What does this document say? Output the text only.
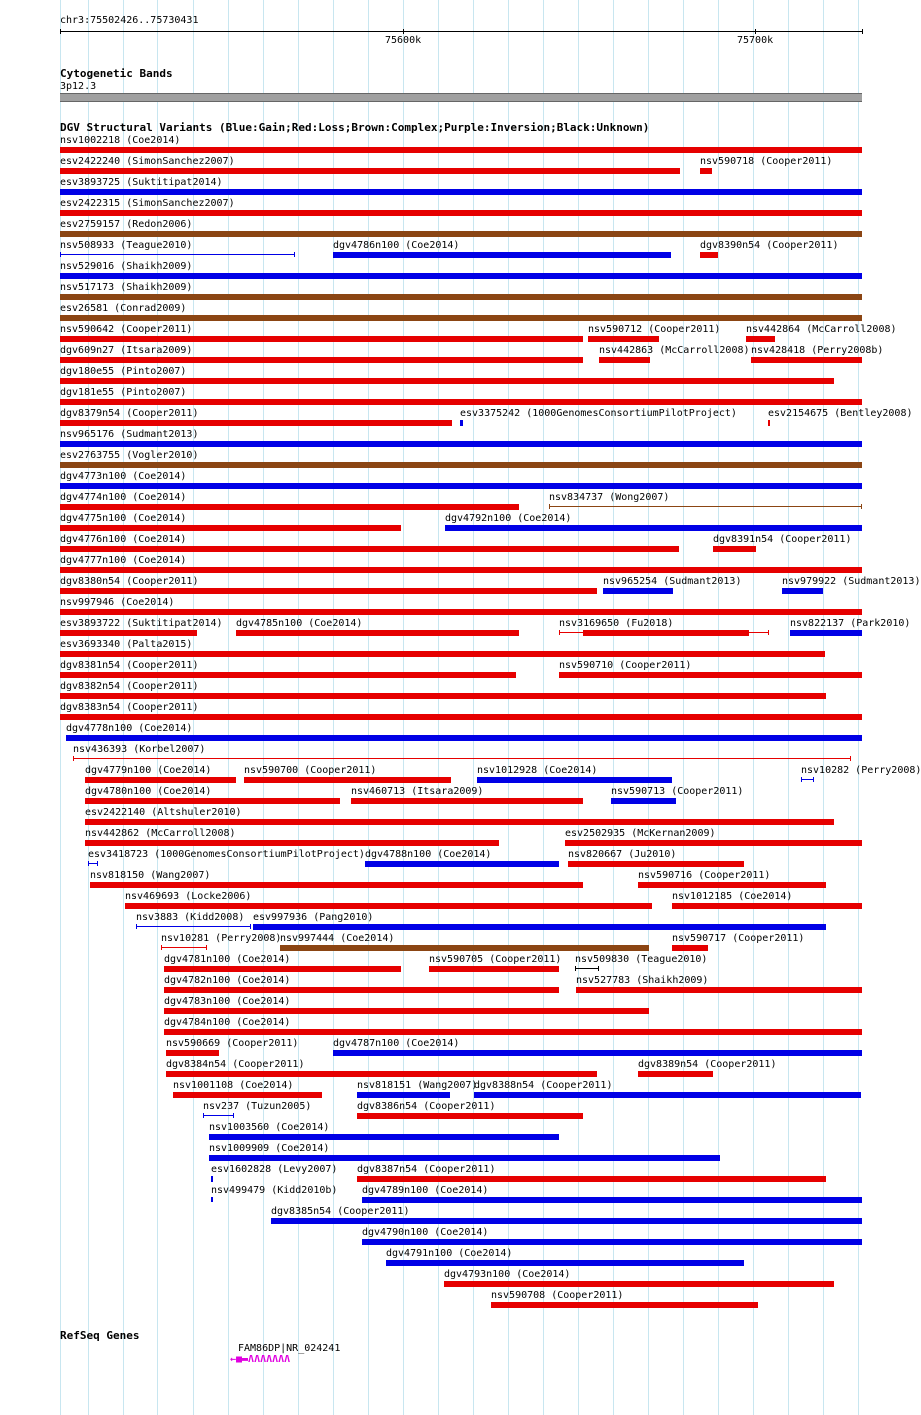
chr3:75502426..75730431
75600k	75700k
Cytogenetic Bands
3p12.3
DGV Structural Variants (Blue:Gain;Red:Loss;Brown:Complex;Purple:Inversion;Black:Unknown)
nsv1002218 (Coe2014)
esv2422240 (SimonSanchez2007)	nsv590718 (Cooper2011)
esv3893725 (Suktitipat2014)
esv2422315 (SimonSanchez2007)
esv2759157 (Redon2006)
nsv508933 (Teague2010)	dgv4786n100 (Coe2014)	dgv8390n54 (Cooper2011)
nsv529016 (Shaikh2009)
nsv517173 (Shaikh2009)
esv26581 (Conrad2009)
nsv590642 (Cooper2011)	nsv590712 (Cooper2011)	nsv442864 (McCarroll2008)
dgv609n27 (Itsara2009)	nsv442863 (McCarroll2008) nsv428418 (Perry2008b)
dgv180e55 (Pinto2007)
dgv181e55 (Pinto2007)
dgv8379n54 (Cooper2011)	esv3375242 (1000GenomesConsortiumPilotProject)	esv2154675 (Bentley2008)
nsv965176 (Sudmant2013)
esv2763755 (Vogler2010)
dgv4773n100 (Coe2014)
dgv4774n100 (Coe2014)	nsv834737 (Wong2007)
dgv4775n100 (Coe2014)	dgv4792n100 (Coe2014)
dgv4776n100 (Coe2014)	dgv8391n54 (Cooper2011)
dgv4777n100 (Coe2014)
dgv8380n54 (Cooper2011)	nsv965254 (Sudmant2013)	nsv979922 (Sudmant2013)
nsv997946 (Coe2014)
esv3893722 (Suktitipat2014) dgv4785n100 (Coe2014)	nsv3169650 (Fu2018)	nsv822137 (Park2010)
esv3693340 (Palta2015)
dgv8381n54 (Cooper2011)	nsv590710 (Cooper2011)
dgv8382n54 (Cooper2011)
dgv8383n54 (Cooper2011)
dgv4778n100 (Coe2014)
nsv436393 (Korbel2007)
dgv4779n100 (Coe2014)	nsv590700 (Cooper2011)	nsv1012928 (Coe2014)	nsv10282 (Perry2008)
dgv4780n100 (Coe2014)	nsv460713 (Itsara2009)	nsv590713 (Cooper2011)
esv2422140 (Altshuler2010)
nsv442862 (McCarroll2008)	esv2502935 (McKernan2009)
esv3418723 (1000GenomesConsortiumPilotProject) dgv4788n100 (Coe2014)	nsv820667 (Ju2010)
nsv818150 (Wang2007)	nsv590716 (Cooper2011)
nsv469693 (Locke2006)	nsv1012185 (Coe2014)
nsv3883 (Kidd2008) esv997936 (Pang2010)
nsv10281 (Perry2008)
nsv997444 (Coe2014)	nsv590717 (Cooper2011)
dgv4781n100 (Coe2014)	nsv590705 (Cooper2011) nsv509830 (Teague2010)
dgv4782n100 (Coe2014)	nsv527783 (Shaikh2009)
dgv4783n100 (Coe2014)
dgv4784n100 (Coe2014)
nsv590669 (Cooper2011)	dgv4787n100 (Coe2014)
dgv8384n54 (Cooper2011)	dgv8389n54 (Cooper2011)
nsv1001108 (Coe2014)	nsv818151 (Wang2007)
dgv8388n54 (Cooper2011)
nsv237 (Tuzun2005)	dgv8386n54 (Cooper2011)
nsv1003560 (Coe2014)
nsv1009909 (Coe2014)
esv1602828 (Levy2007) dgv8387n54 (Cooper2011)
nsv499479 (Kidd2010b) dgv4789n100 (Coe2014)
dgv8385n54 (Cooper2011)
dgv4790n100 (Coe2014)
dgv4791n100 (Coe2014)
dgv4793n100 (Coe2014)
nsv590708 (Cooper2011)
RefSeq Genes
FAM86DP|NR_024241
←■▬ɅɅɅɅɅɅɅ
